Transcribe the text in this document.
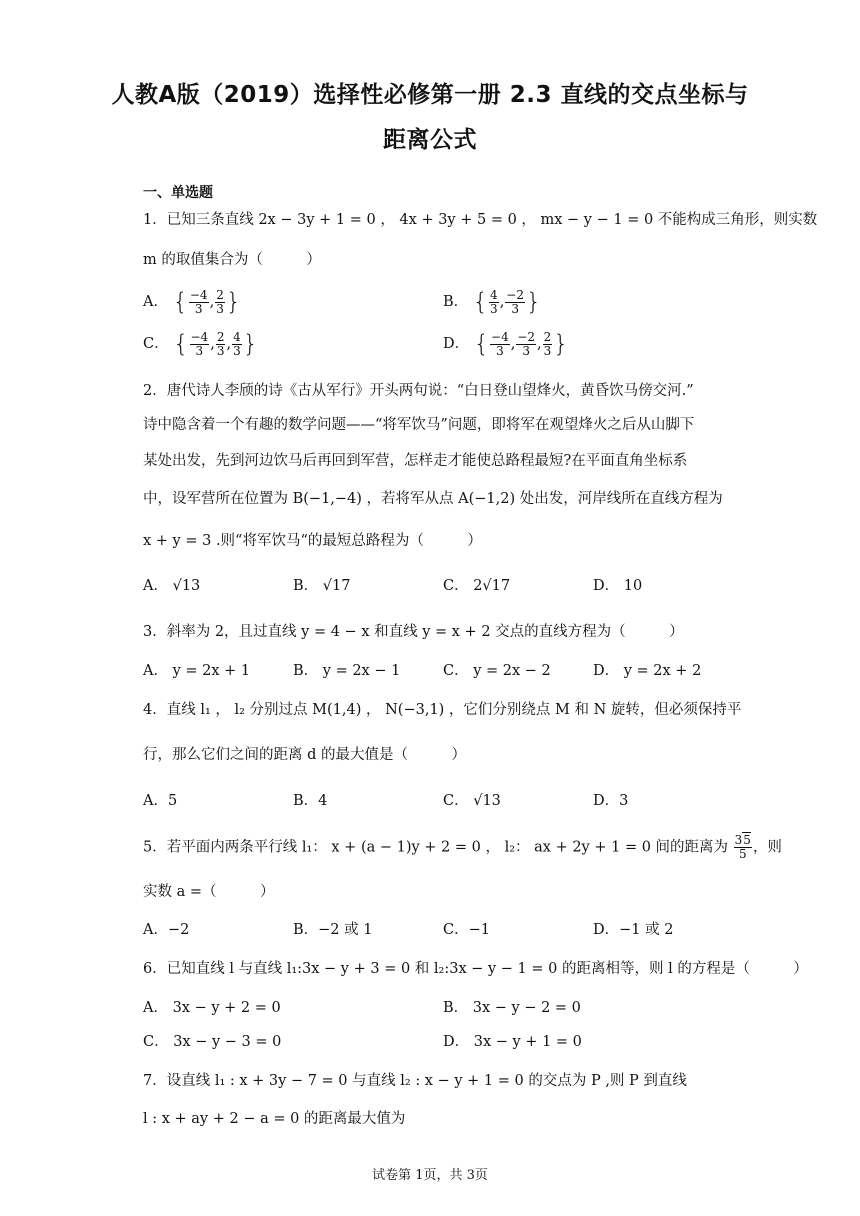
人教A版（2019）选择性必修第一册 2.3 直线的交点坐标与
距离公式
一、单选题
1．已知三条直线 2x − 3y + 1 = 0 ， 4x + 3y + 5 = 0 ， mx − y − 1 = 0 不能构成三角形，则实数
m 的取值集合为（　　　）
A． { $\frac{-4}{3}$ , $\frac{2}{3}$ }	B． { $\frac{4}{3}$ , $\frac{-2}{3}$ }
C． { $\frac{-4}{3}$ , $\frac{2}{3}$ , $\frac{4}{3}$ }	D． { $\frac{-4}{3}$ , $\frac{-2}{3}$ , $\frac{2}{3}$ }
2．唐代诗人李颀的诗《古从军行》开头两句说：“白日登山望烽火，黄昏饮马傍交河.”
诗中隐含着一个有趣的数学问题——“将军饮马”问题，即将军在观望烽火之后从山脚下
某处出发，先到河边饮马后再回到军营，怎样走才能使总路程最短?在平面直角坐标系
中，设军营所在位置为 B(−1,−4) ，若将军从点 A(−1,2) 处出发，河岸线所在直线方程为
x + y = 3 .则“将军饮马“的最短总路程为（　　　）
A． √13	B． √17	C． 2√17	D． 10
3．斜率为 2，且过直线 y = 4 − x 和直线 y = x + 2 交点的直线方程为（　　　）
A． y = 2x + 1	B． y = 2x − 1	C． y = 2x − 2	D． y = 2x + 2
4．直线 l₁ ， l₂ 分别过点 M(1,4) ， N(−3,1) ，它们分别绕点 M 和 N 旋转，但必须保持平
行，那么它们之间的距离 d 的最大值是（　　　）
A．5	B．4	C． √13	D．3
5．若平面内两条平行线 l₁： x + (a − 1)y + 2 = 0 ， l₂： ax + 2y + 1 = 0 间的距离为 $\frac{35}{5}$ ，则
实数 a =（　　　）
A．−2	B．−2 或 1	C．−1	D．−1 或 2
6．已知直线 l 与直线 l₁:3x − y + 3 = 0 和 l₂:3x − y − 1 = 0 的距离相等，则 l 的方程是（　　　）
A． 3x − y + 2 = 0	B． 3x − y − 2 = 0
C． 3x − y − 3 = 0	D． 3x − y + 1 = 0
7．设直线 l₁ : x + 3y − 7 = 0 与直线 l₂ : x − y + 1 = 0 的交点为 P ,则 P 到直线
l : x + ay + 2 − a = 0 的距离最大值为
试卷第 1页，共 3页
